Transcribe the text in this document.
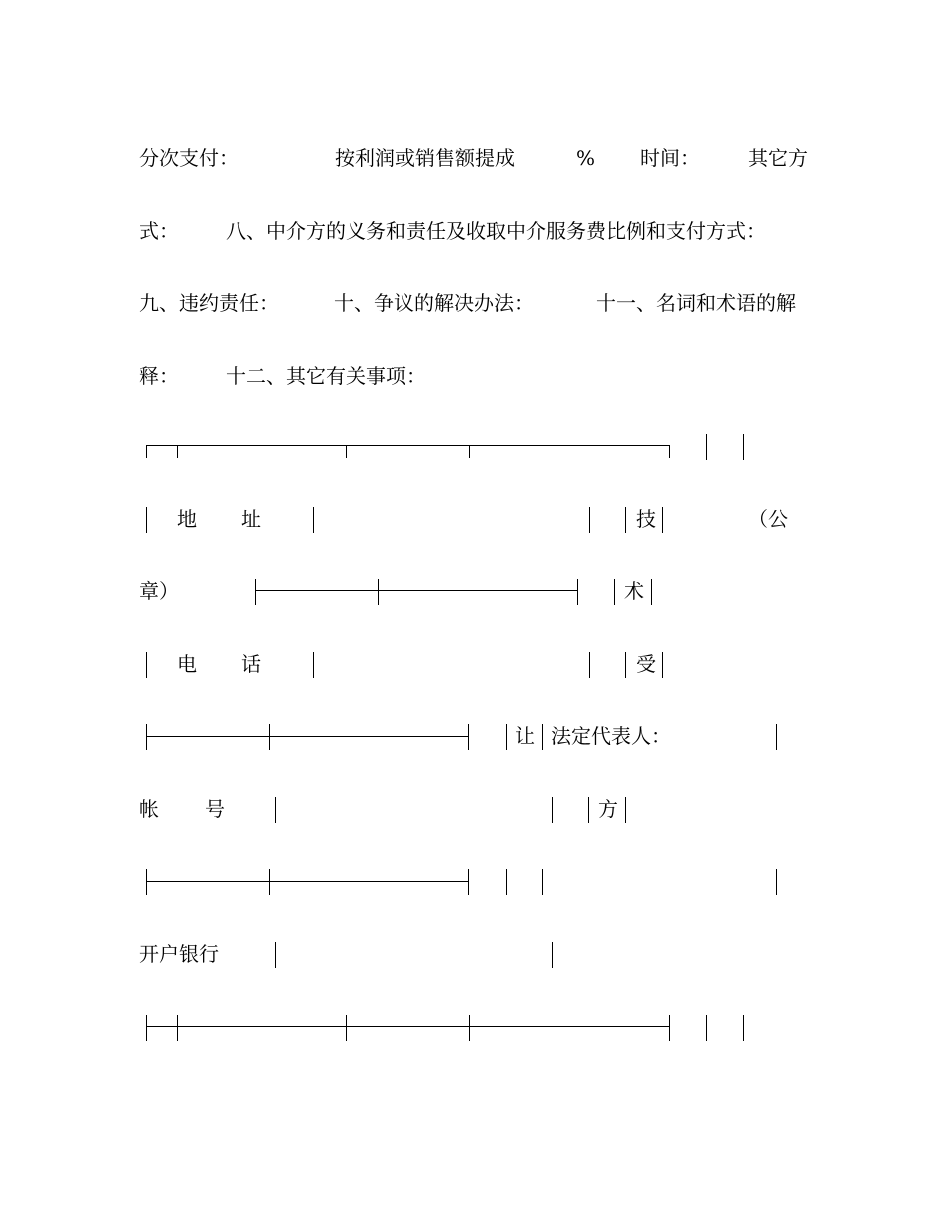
分次支付：	按利润或销售额提成	% 时间： 其它方
式： 八、中介方的义务和责任及收取中介服务费比例和支付方式：
九、违约责任：	十、争议的解决办法：	十一、名词和术语的解
释： 十二、其它有关事项：
地 址	技	（公
章）	术
电 话	受
让 法定代表人：
帐 号	方
开户银行
